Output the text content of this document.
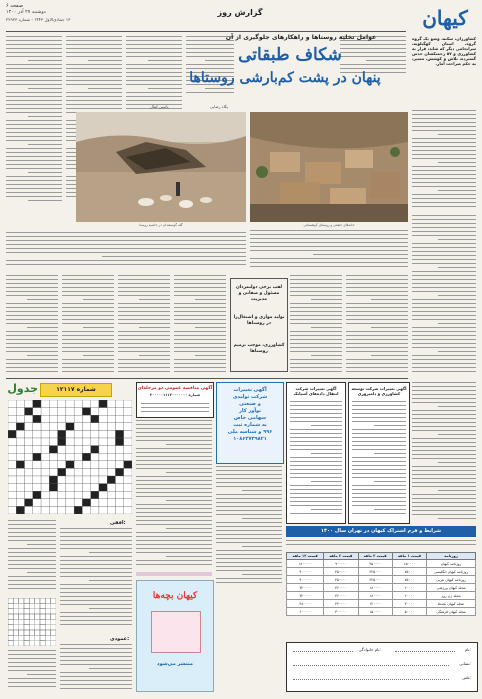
کیهان
گزارش روز
صفحه ۶
دوشنبه ۲۷ آذر ۱۴۰۰
۱۳ جمادی‌الاول ۱۴۴۳ - شماره ۲۲۹۲۳
کشاورزان، سکنه، وضع یک گروه گروه. استان کهگیلویه، سرانجامی دیگر که شاید، قرار به کشاورزی و ۵۷ زحمتکشان حدس گسترده، تلاش و کوشش، مسیر، به حکم صراحت آمار.
عوامل تخلیه روستاها و راهکارهای جلوگیری از آن
شکاف طبقاتی
پنهان در پشت کم‌بارشی روستاها
پگاه رضایی
یاسین کمال
گله گوسفندان در حاشیه روستا	خانه‌های خشتی و روستای کوهستانی
لقب برخی دولتمردان مسئول و صفاتی و مدیریت
تولید موازی و اشتغال‌زا در روستاها
کشاورزی، موجب ترمیم روستاها
جدول	شماره ۱۲۱۱۷
افقی:
عمودی:
آگهی مناقصه عمومی دو مرحله‌ای
شماره ۲۰۰۰۰۰۱۱۱۳۰۰۰۰۰۰۰
کیهان بچه‌ها
منتشر می‌شود
آگهی تغییرات
شرکت تولیدی
و صنعتی
نوآور کار
سهامی خاص
به شماره ثبت
۹۹۶ و شناسه ملی
۱۰۸۶۲۷۳۹۸۲۱
آگهی تغییرات شرکت انتقال داده‌های آسیاتک
آگهی تغییرات شرکت توسعه کشاورزی و دامپروری
شرایط و فرم اشتراک کیهان در تهران سال ۱۴۰۰
روزنامه	قیمت ۱ ماهه	قیمت ۳ ماهه	قیمت ۶ ماهه	قیمت ۱۲ ماهه
روزنامه کیهان	۱۵۰۰۰۰	۴۵۰۰۰۰	۹۰۰۰۰۰	۱۸۰۰۰۰۰
روزنامه کیهان انگلیسی	۷۵۰۰۰	۲۲۵۰۰۰	۴۵۰۰۰۰	۹۰۰۰۰۰
روزنامه کیهان عربی	۷۵۰۰۰	۲۲۵۰۰۰	۴۵۰۰۰۰	۹۰۰۰۰۰
مجله کیهان ورزشی	۶۰۰۰۰	۱۸۰۰۰۰	۳۶۰۰۰۰	۷۲۰۰۰۰
مجله زن روز	۶۰۰۰۰	۱۸۰۰۰۰	۳۶۰۰۰۰	۷۲۰۰۰۰
مجله کیهان بچه‌ها	۴۰۰۰۰	۱۲۰۰۰۰	۲۴۰۰۰۰	۴۸۰۰۰۰
مجله کیهان فرهنگی	۵۰۰۰۰	۱۵۰۰۰۰	۳۰۰۰۰۰	۶۰۰۰۰۰
نام:
نام خانوادگی:
نشانی:
تلفن:
